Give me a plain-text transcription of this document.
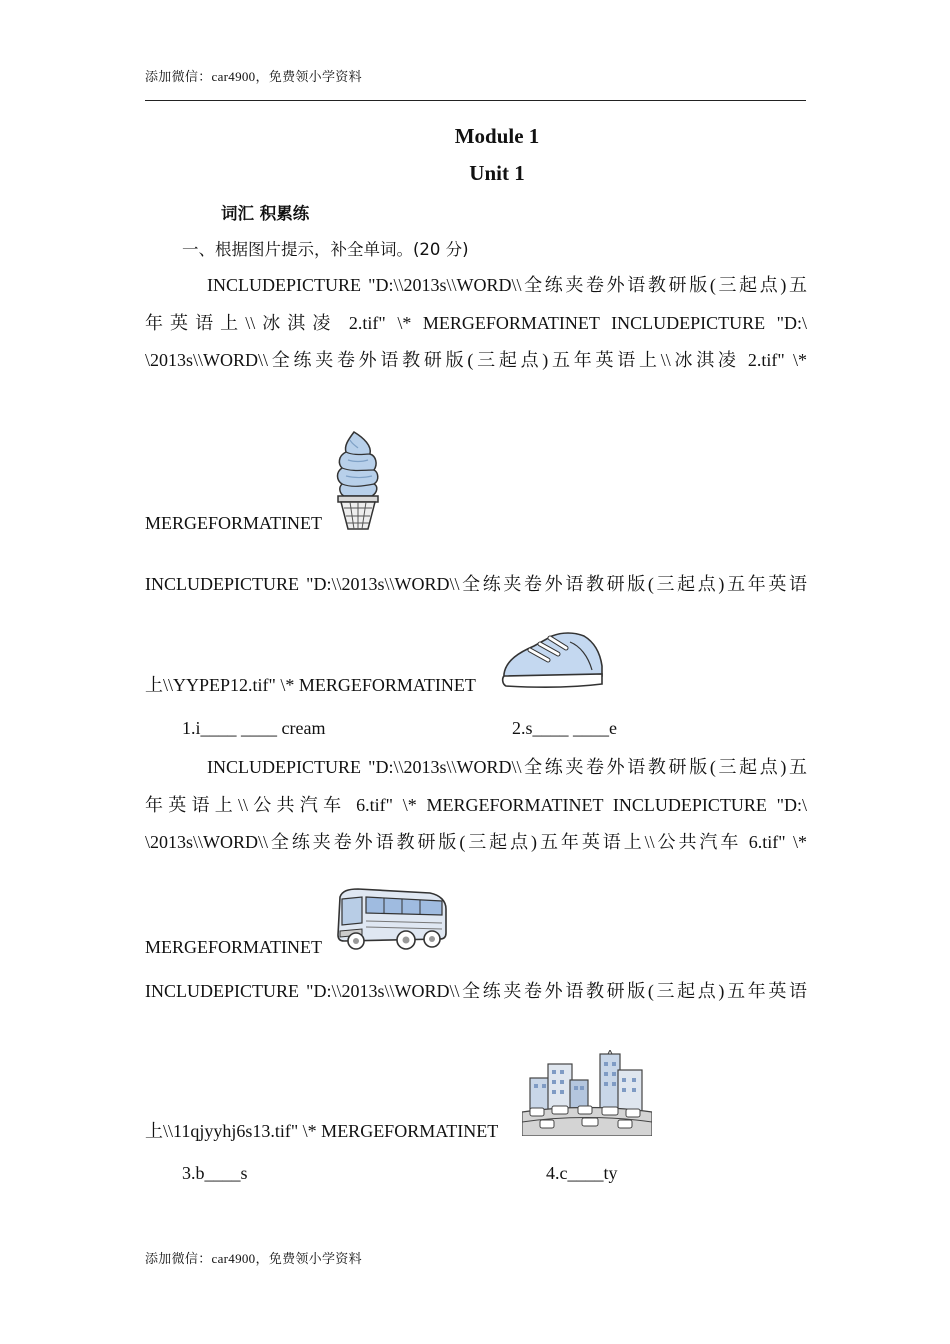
添加微信：car4900，免费领小学资料
Module 1
Unit 1
词汇 积累练
一、根据图片提示，补全单词。(20 分)
INCLUDEPICTURE "D:\\2013s\\WORD\\全练夹卷外语教研版(三起点)五
年英语上\\冰淇凌 2.tif" \* MERGEFORMATINET INCLUDEPICTURE "D:\
\2013s\\WORD\\全练夹卷外语教研版(三起点)五年英语上\\冰淇凌 2.tif" \*
MERGEFORMATINET
INCLUDEPICTURE "D:\\2013s\\WORD\\全练夹卷外语教研版(三起点)五年英语
上\\YYPEP12.tif" \* MERGEFORMATINET
1.i____ ____ cream	2.s____ ____e
INCLUDEPICTURE "D:\\2013s\\WORD\\全练夹卷外语教研版(三起点)五
年英语上\\公共汽车 6.tif" \* MERGEFORMATINET INCLUDEPICTURE "D:\
\2013s\\WORD\\全练夹卷外语教研版(三起点)五年英语上\\公共汽车 6.tif" \*
MERGEFORMATINET
INCLUDEPICTURE "D:\\2013s\\WORD\\全练夹卷外语教研版(三起点)五年英语
上\\11qjyyhj6s13.tif" \* MERGEFORMATINET
3.b____s	4.c____ty
添加微信：car4900，免费领小学资料
